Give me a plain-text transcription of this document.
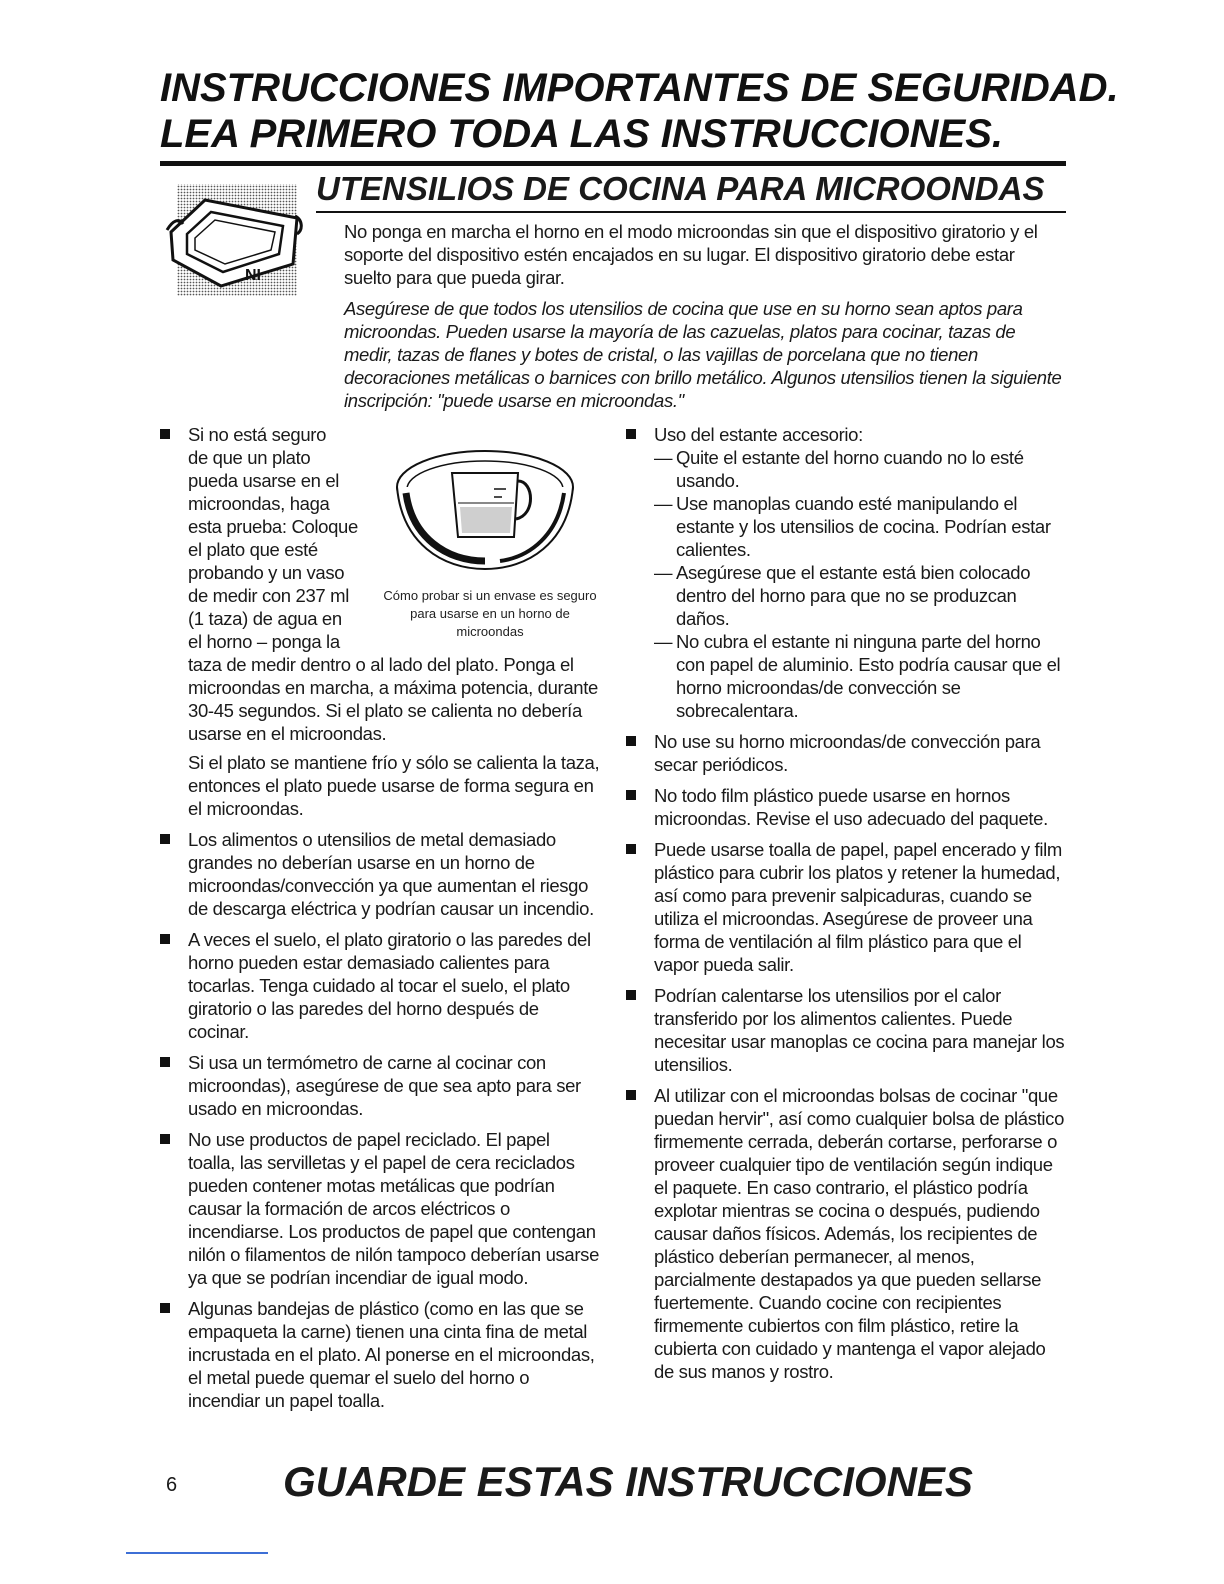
INSTRUCCIONES IMPORTANTES DE SEGURIDAD.
LEA PRIMERO TODA LAS INSTRUCCIONES.
NI
UTENSILIOS DE COCINA PARA MICROONDAS
No ponga en marcha el horno en el modo microondas sin que el dispositivo giratorio y el soporte del dispositivo estén encajados en su lugar. El dispositivo giratorio debe estar suelto para que pueda girar.
Asegúrese de que todos los utensilios de cocina que use en su horno sean aptos para microondas. Pueden usarse la mayoría de las cazuelas, platos para cocinar, tazas de medir, tazas de flanes y botes de cristal, o las vajillas de porcelana que no tienen decoraciones metálicas o barnices con brillo metálico. Algunos utensilios tienen la siguiente inscripción: "puede usarse en microondas."
Si no está seguro
de que un plato
pueda usarse en el
microondas, haga
esta prueba: Coloque
el plato que esté
probando y un vaso
de medir con 237 ml
(1 taza) de agua en
el horno – ponga la

taza de medir dentro o al lado del plato. Ponga el microondas en marcha, a máxima potencia, durante 30-45 segundos. Si el plato se calienta no debería usarse en el microondas.

Si el plato se mantiene frío y sólo se calienta la taza, entonces el plato puede usarse de forma segura en el microondas.

Cómo probar si un envase es seguro para usarse en un horno de microondas

Los alimentos o utensilios de metal demasiado grandes no deberían usarse en un horno de microondas/convección ya que aumentan el riesgo de descarga eléctrica y podrían causar un incendio.

A veces el suelo, el plato giratorio o las paredes del horno pueden estar demasiado calientes para tocarlas. Tenga cuidado al tocar el suelo, el plato giratorio o las paredes del horno después de cocinar.

Si usa un termómetro de carne al cocinar con microondas), asegúrese de que sea apto para ser usado en microondas.

No use productos de papel reciclado. El papel toalla, las servilletas y el papel de cera reciclados pueden contener motas metálicas que podrían causar la formación de arcos eléctricos o incendiarse. Los productos de papel que contengan nilón o filamentos de nilón tampoco deberían usarse ya que se podrían incendiar de igual modo.

Algunas bandejas de plástico (como en las que se empaqueta la carne) tienen una cinta fina de metal incrustada en el plato. Al ponerse en el microondas, el metal puede quemar el suelo del horno o incendiar un papel toalla.

Uso del estante accesorio:
— Quite el estante del horno cuando no lo esté usando.
— Use manoplas cuando esté manipulando el estante y los utensilios de cocina. Podrían estar calientes.
— Asegúrese que el estante está bien colocado dentro del horno para que no se produzcan daños.
— No cubra el estante ni ninguna parte del horno con papel de aluminio. Esto podría causar que el horno microondas/de convección se sobrecalentara.

No use su horno microondas/de convección para secar periódicos.

No todo film plástico puede usarse en hornos microondas. Revise el uso adecuado del paquete.

Puede usarse toalla de papel, papel encerado y film plástico para cubrir los platos y retener la humedad, así como para prevenir salpicaduras, cuando se utiliza el microondas. Asegúrese de proveer una forma de ventilación al film plástico para que el vapor pueda salir.

Podrían calentarse los utensilios por el calor transferido por los alimentos calientes. Puede necesitar usar manoplas ce cocina para manejar los utensilios.

Al utilizar con el microondas bolsas de cocinar "que puedan hervir", así como cualquier bolsa de plástico firmemente cerrada, deberán cortarse, perforarse o proveer cualquier tipo de ventilación según indique el paquete. En caso contrario, el plástico podría explotar mientras se cocina o después, pudiendo causar daños físicos. Además, los recipientes de plástico deberían permanecer, al menos, parcialmente destapados ya que pueden sellarse fuertemente. Cuando cocine con recipientes firmemente cubiertos con film plástico, retire la cubierta con cuidado y mantenga el vapor alejado de sus manos y rostro.

6	GUARDE ESTAS INSTRUCCIONES
